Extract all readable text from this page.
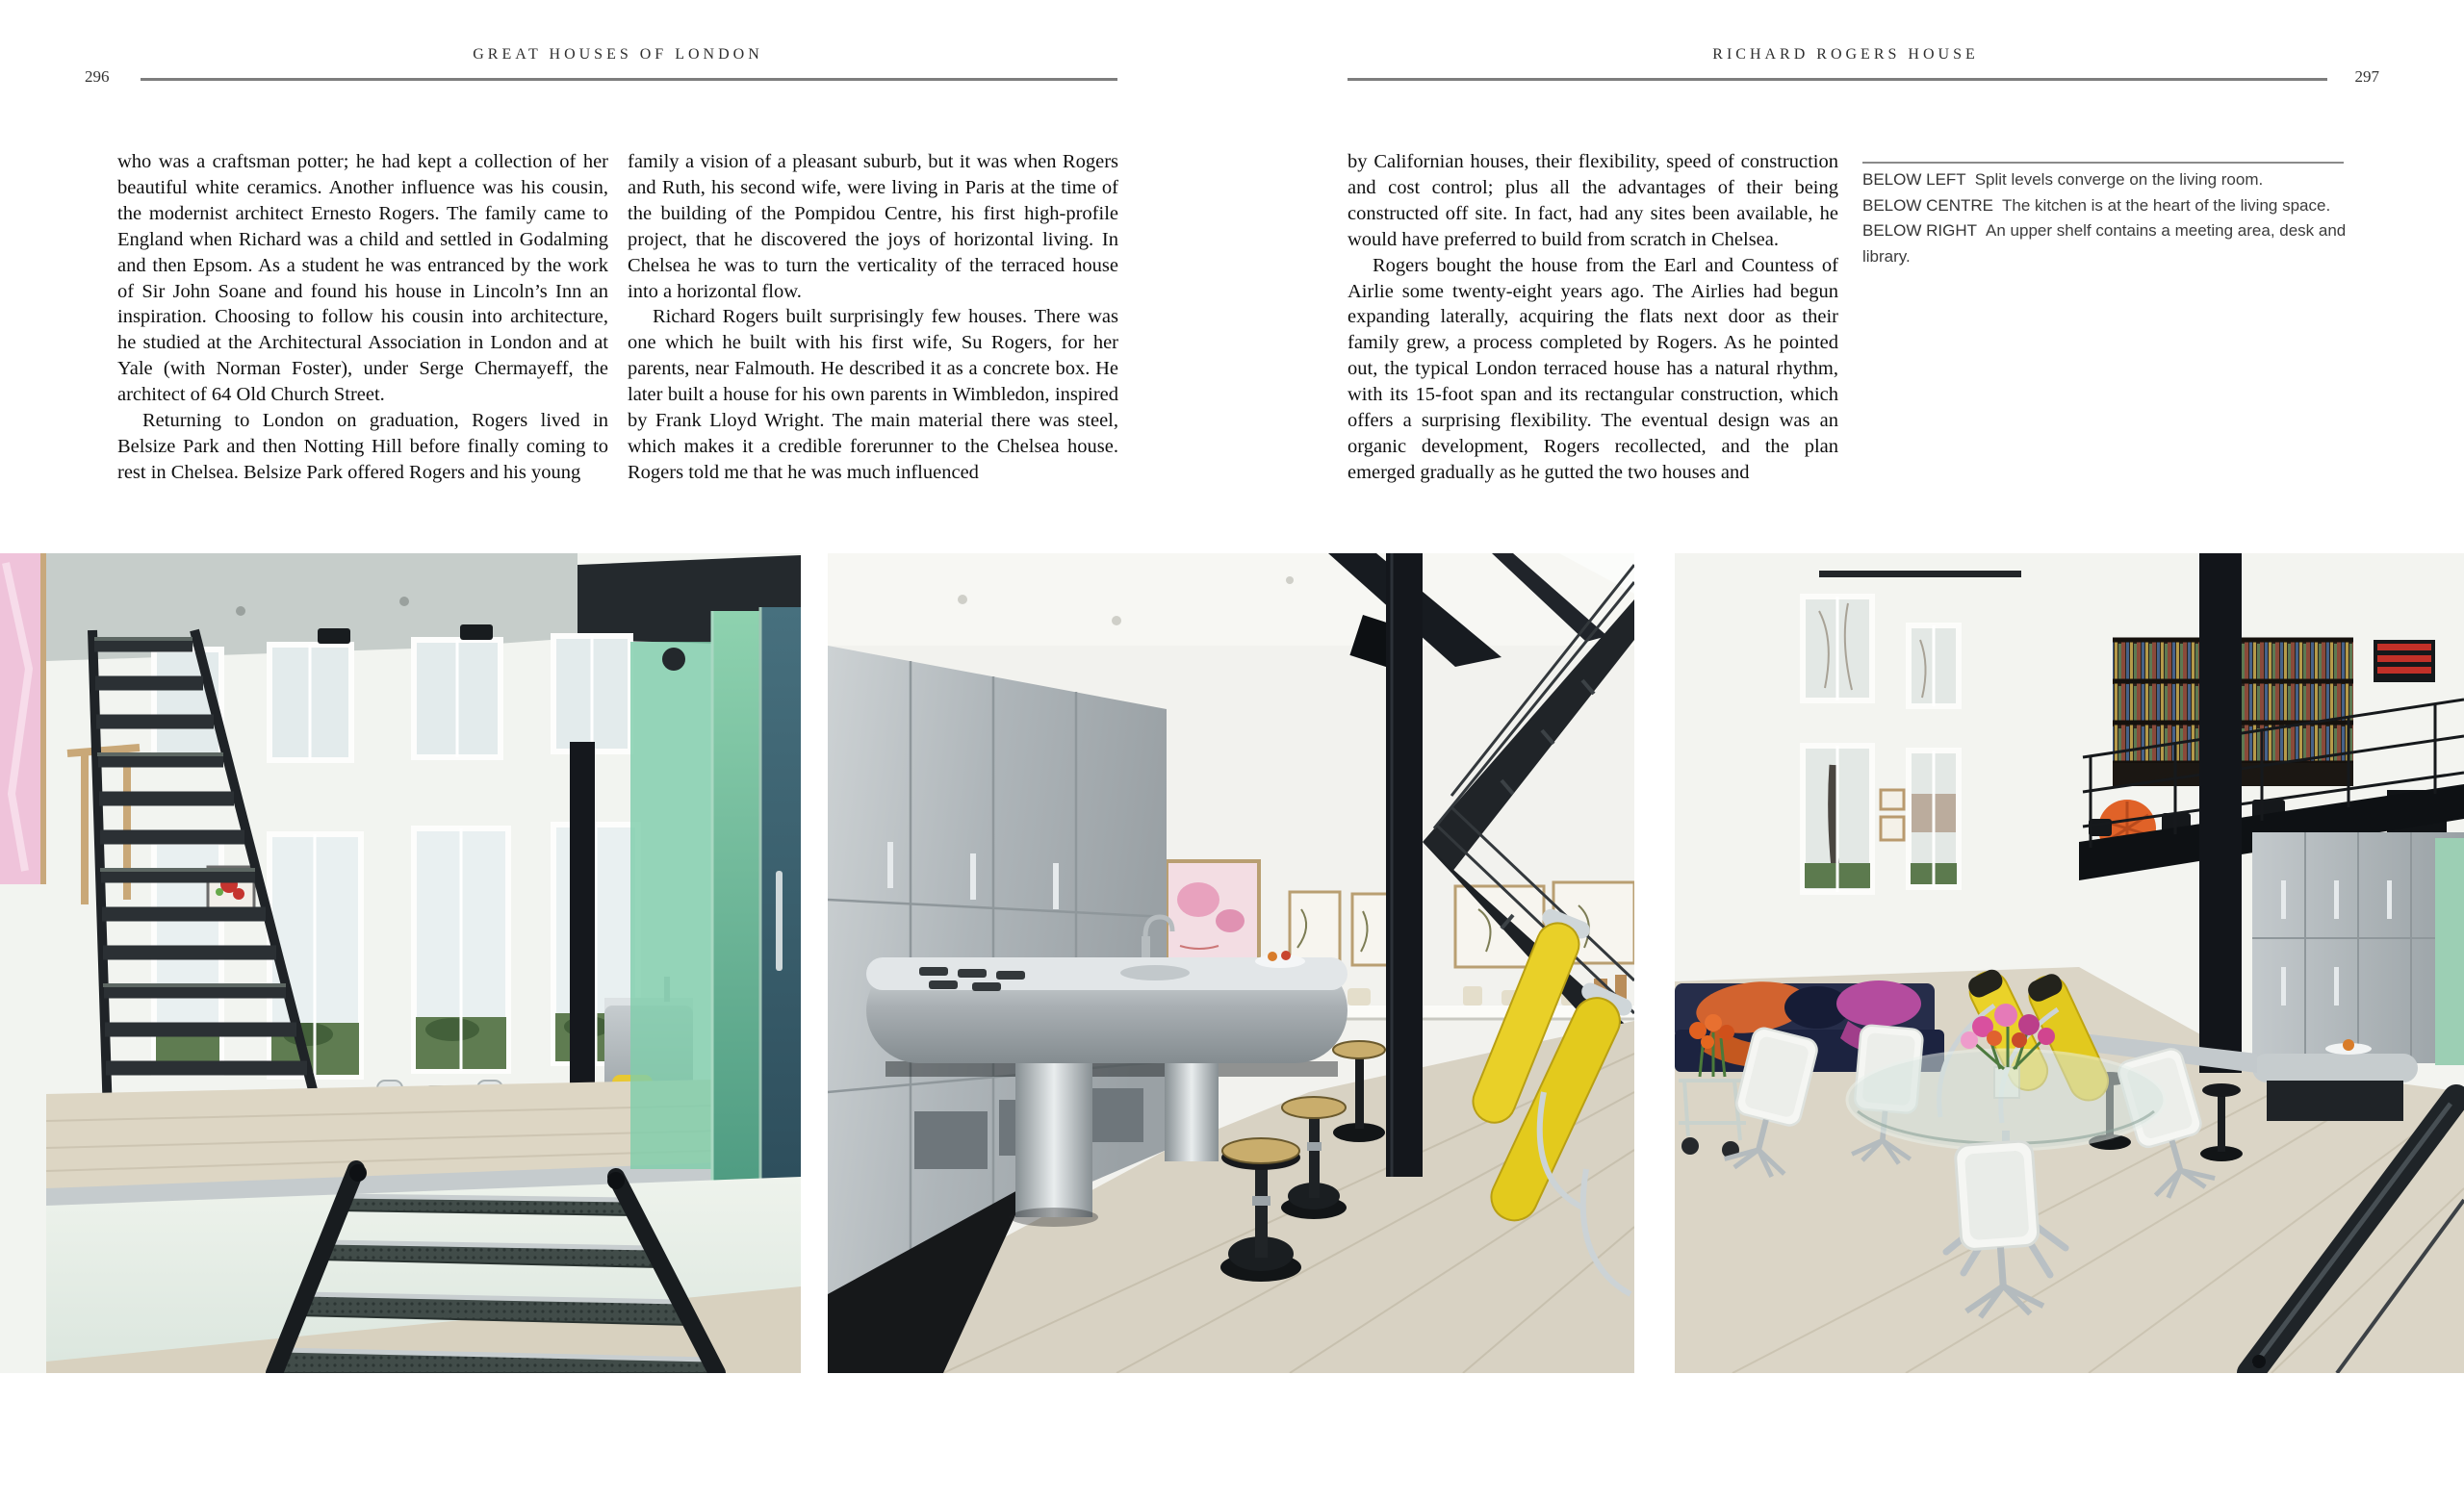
296
GREAT HOUSES OF LONDON	RICHARD ROGERS HOUSE
297

who was a craftsman potter; he had kept a collection of her beautiful white ceramics. Another influence was his cousin, the modernist architect Ernesto Rogers. The family came to England when Richard was a child and settled in Godalming and then Epsom. As a student he was entranced by the work of Sir John Soane and found his house in Lincoln’s Inn an inspiration. Choosing to follow his cousin into architecture, he studied at the Architectural Association in London and at Yale (with Norman Foster), under Serge Chermayeff, the architect of 64 Old Church Street.

Returning to London on graduation, Rogers lived in Belsize Park and then Notting Hill before finally coming to rest in Chelsea. Belsize Park offered Rogers and his young

family a vision of a pleasant suburb, but it was when Rogers and Ruth, his second wife, were living in Paris at the time of the building of the Pompidou Centre, his first high-profile project, that he discovered the joys of horizontal living. In Chelsea he was to turn the verticality of the terraced house into a horizontal flow.

Richard Rogers built surprisingly few houses. There was one which he built with his first wife, Su Rogers, for her parents, near Falmouth. He described it as a concrete box. He later built a house for his own parents in Wimbledon, inspired by Frank Lloyd Wright. The main material there was steel, which makes it a credible forerunner to the Chelsea house. Rogers told me that he was much influenced

by Californian houses, their flexibility, speed of construction and cost control; plus all the advantages of their being constructed off site. In fact, had any sites been available, he would have preferred to build from scratch in Chelsea.

Rogers bought the house from the Earl and Countess of Airlie some twenty-eight years ago. The Airlies had begun expanding laterally, acquiring the flats next door as their family grew, a process completed by Rogers. As he pointed out, the typical London terraced house has a natural rhythm, with its 15-foot span and its rectangular construction, which offers a surprising flexibility. The eventual design was an organic development, Rogers recollected, and the plan emerged gradually as he gutted the two houses and

BELOW LEFT Split levels converge on the living room.

BELOW CENTRE The kitchen is at the heart of the living space.

BELOW RIGHT An upper shelf contains a meeting area, desk and library.
